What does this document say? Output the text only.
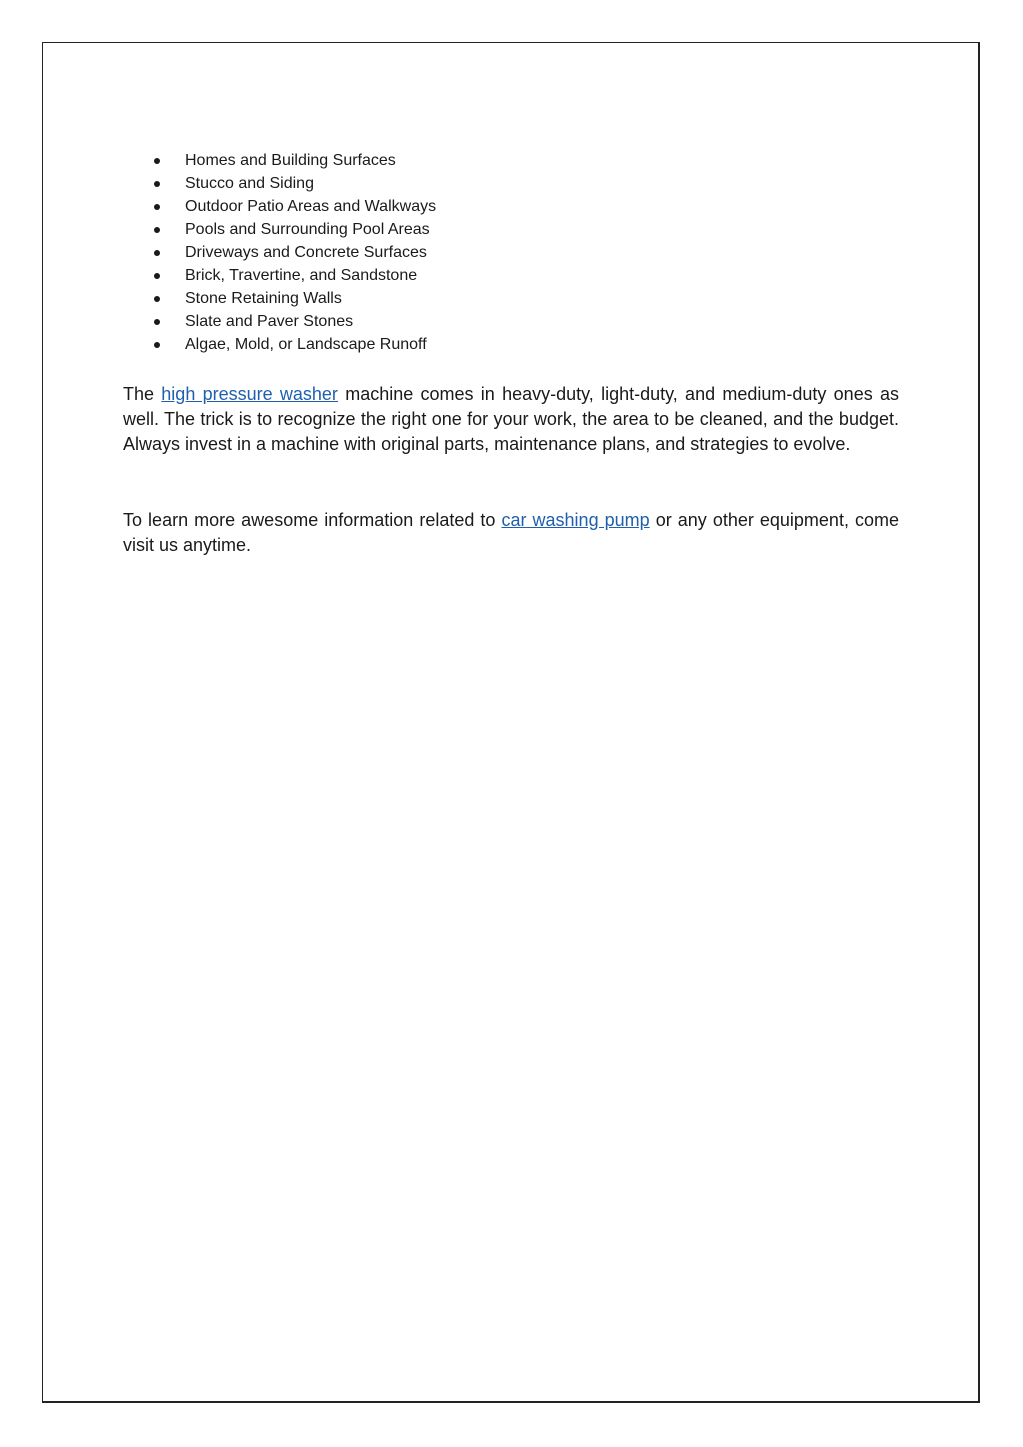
Homes and Building Surfaces
Stucco and Siding
Outdoor Patio Areas and Walkways
Pools and Surrounding Pool Areas
Driveways and Concrete Surfaces
Brick, Travertine, and Sandstone
Stone Retaining Walls
Slate and Paver Stones
Algae, Mold, or Landscape Runoff

The high pressure washer machine comes in heavy-duty, light-duty, and medium-duty ones as well. The trick is to recognize the right one for your work, the area to be cleaned, and the budget. Always invest in a machine with original parts, maintenance plans, and strategies to evolve.

To learn more awesome information related to car washing pump or any other equipment, come visit us anytime.
